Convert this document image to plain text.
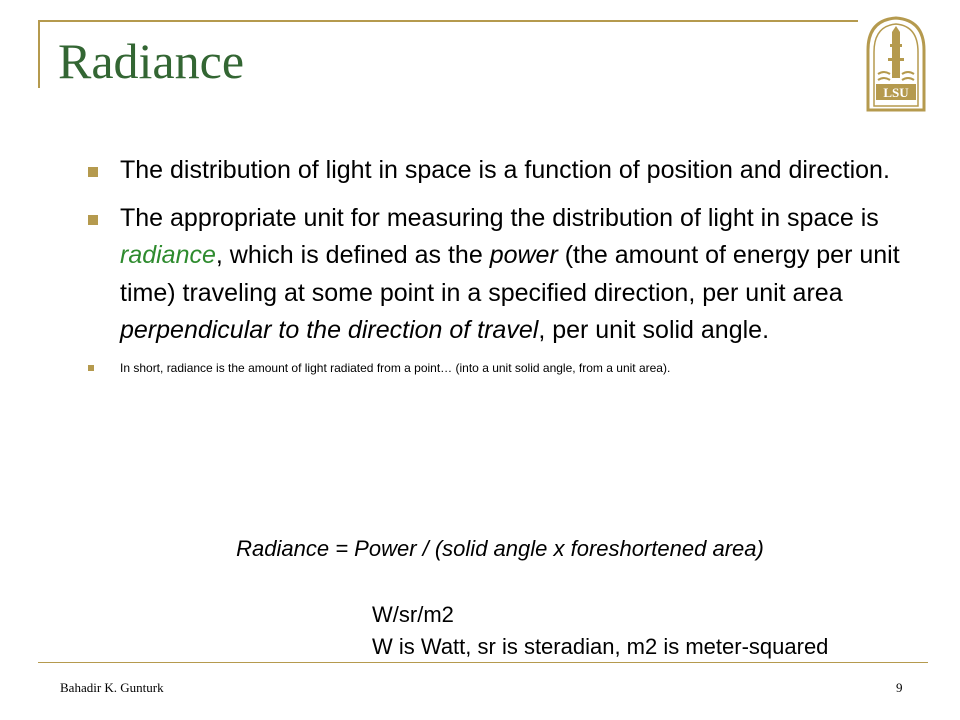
Radiance
LSU
The distribution of light in space is a function of position and direction.
The appropriate unit for measuring the distribution of light in space is radiance, which is defined as the power (the amount of energy per unit time) traveling at some point in a specified direction, per unit area perpendicular to the direction of travel, per unit solid angle.
In short, radiance is the amount of light radiated from a point… (into a unit solid angle, from a unit area).
Radiance = Power / (solid angle x foreshortened area)
W/sr/m2
W is Watt, sr is steradian, m2 is meter-squared
Bahadir K. Gunturk	9
